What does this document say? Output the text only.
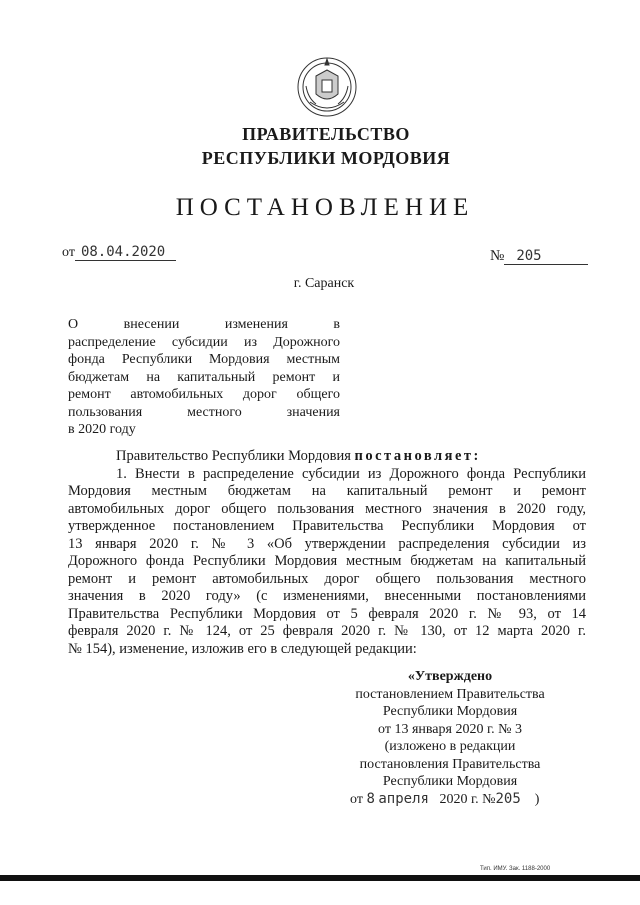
ПРАВИТЕЛЬСТВО
РЕСПУБЛИКИ МОРДОВИЯ
ПОСТАНОВЛЕНИЕ
от 08.04.2020	№ 205
г. Саранск
О внесении изменения в
распределение субсидии из Дорожного
фонда Республики Мордовия местным
бюджетам на капитальный ремонт и
ремонт автомобильных дорог общего
пользования местного значения
в 2020 году
Правительство Республики Мордовия постановляет:
1. Внести в распределение субсидии из Дорожного фонда Республики
Мордовия местным бюджетам на капитальный ремонт и ремонт
автомобильных дорог общего пользования местного значения в 2020 году,
утвержденное постановлением Правительства Республики Мордовия от
13 января 2020 г. № 3 «Об утверждении распределения субсидии из
Дорожного фонда Республики Мордовия местным бюджетам на капитальный
ремонт и ремонт автомобильных дорог общего пользования местного
значения в 2020 году» (с изменениями, внесенными постановлениями
Правительства Республики Мордовия от 5 февраля 2020 г. № 93, от 14
февраля 2020 г. № 124, от 25 февраля 2020 г. № 130, от 12 марта 2020 г.
№ 154), изменение, изложив его в следующей редакции:
«Утверждено
постановлением Правительства
Республики Мордовия
от 13 января 2020 г. № 3
(изложено в редакции
постановления Правительства
Республики Мордовия
от 8 апреля 2020 г. №205 )
Тип. ИМУ. Зак. 1188-2000
